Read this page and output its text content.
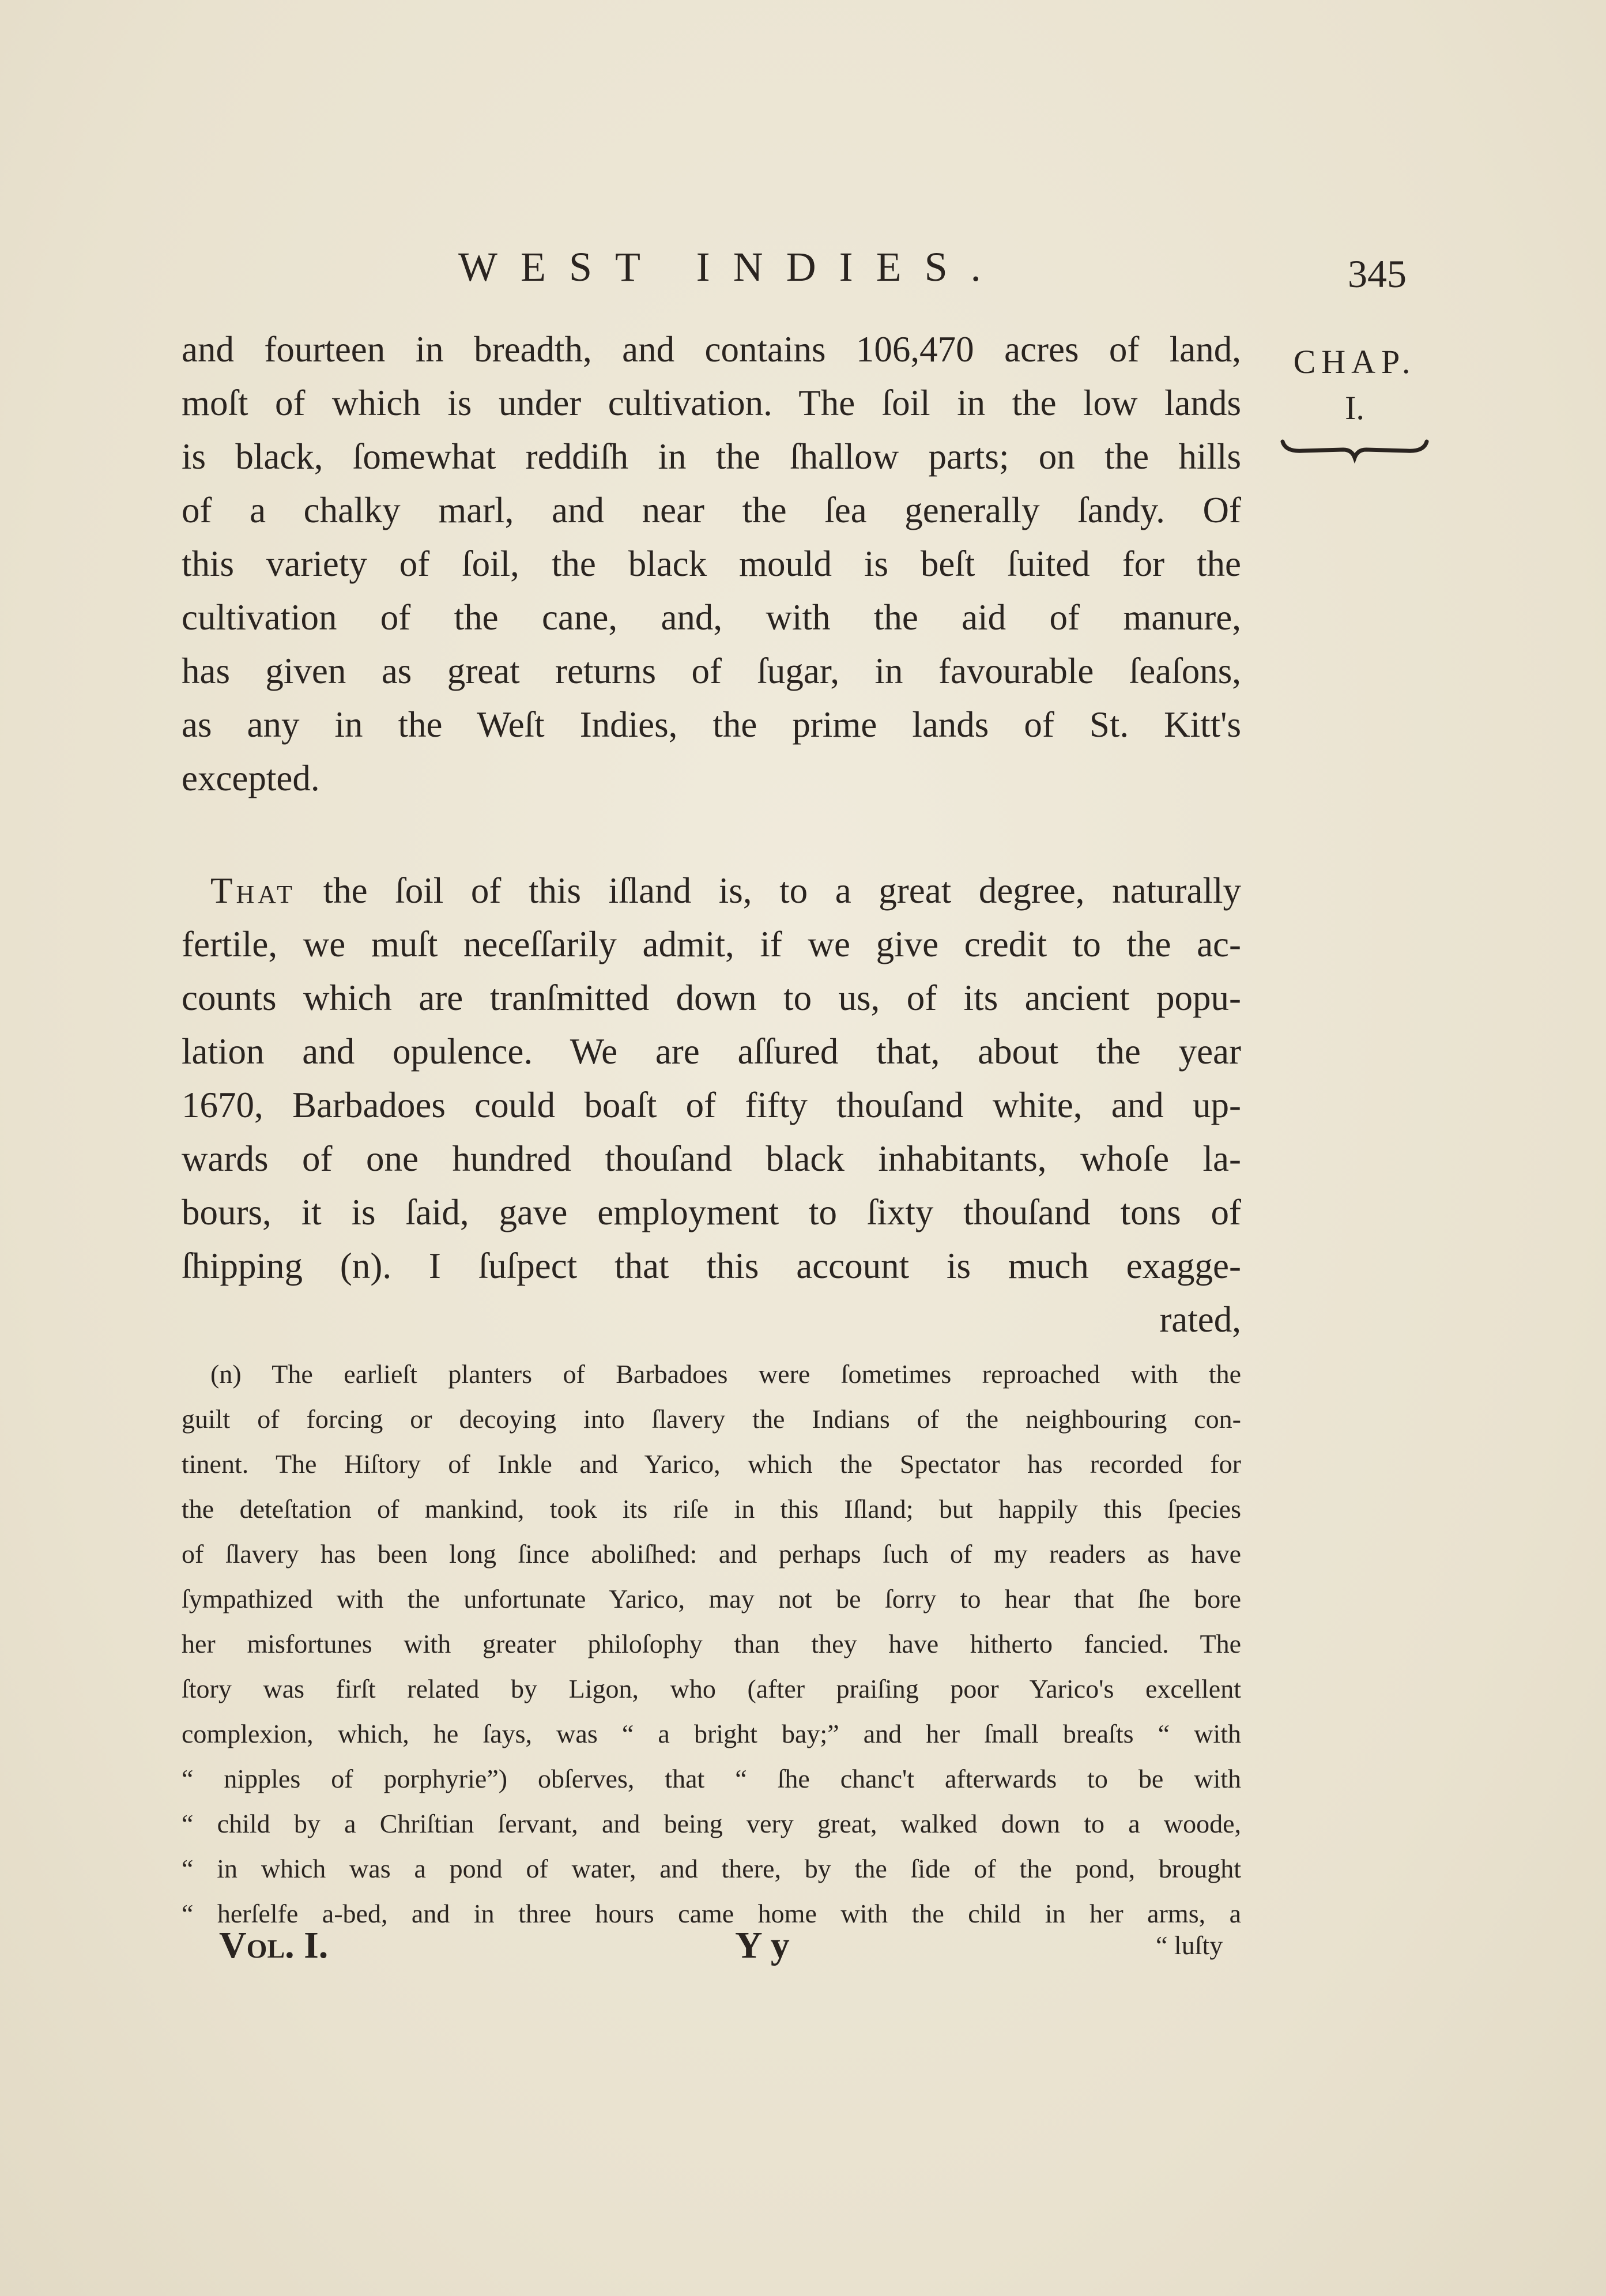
WEST INDIES.	345
CHAP.
I.
and fourteen in breadth, and contains 106,470 acres of land,
moſt of which is under cultivation. The ſoil in the low lands
is black, ſomewhat reddiſh in the ſhallow parts; on the hills
of a chalky marl, and near the ſea generally ſandy. Of
this variety of ſoil, the black mould is beſt ſuited for the
cultivation of the cane, and, with the aid of manure,
has given as great returns of ſugar, in favourable ſeaſons,
as any in the Weſt Indies, the prime lands of St. Kitt's
excepted.
That the ſoil of this iſland is, to a great degree, naturally
fertile, we muſt neceſſarily admit, if we give credit to the ac-
counts which are tranſmitted down to us, of its ancient popu-
lation and opulence. We are aſſured that, about the year
1670, Barbadoes could boaſt of fifty thouſand white, and up-
wards of one hundred thouſand black inhabitants, whoſe la-
bours, it is ſaid, gave employment to ſixty thouſand tons of
ſhipping (n). I ſuſpect that this account is much exagge-
rated,
(n) The earlieſt planters of Barbadoes were ſometimes reproached with the
guilt of forcing or decoying into ſlavery the Indians of the neighbouring con-
tinent. The Hiſtory of Inkle and Yarico, which the Spectator has recorded for
the deteſtation of mankind, took its riſe in this Iſland; but happily this ſpecies
of ſlavery has been long ſince aboliſhed: and perhaps ſuch of my readers as have
ſympathized with the unfortunate Yarico, may not be ſorry to hear that ſhe bore
her misfortunes with greater philoſophy than they have hitherto fancied. The
ſtory was firſt related by Ligon, who (after praiſing poor Yarico's excellent
complexion, which, he ſays, was “ a bright bay;” and her ſmall breaſts “ with
“ nipples of porphyrie”) obſerves, that “ ſhe chanc't afterwards to be with
“ child by a Chriſtian ſervant, and being very great, walked down to a woode,
“ in which was a pond of water, and there, by the ſide of the pond, brought
“ herſelfe a-bed, and in three hours came home with the child in her arms, a
Vol. I.	Y y	“ luſty
